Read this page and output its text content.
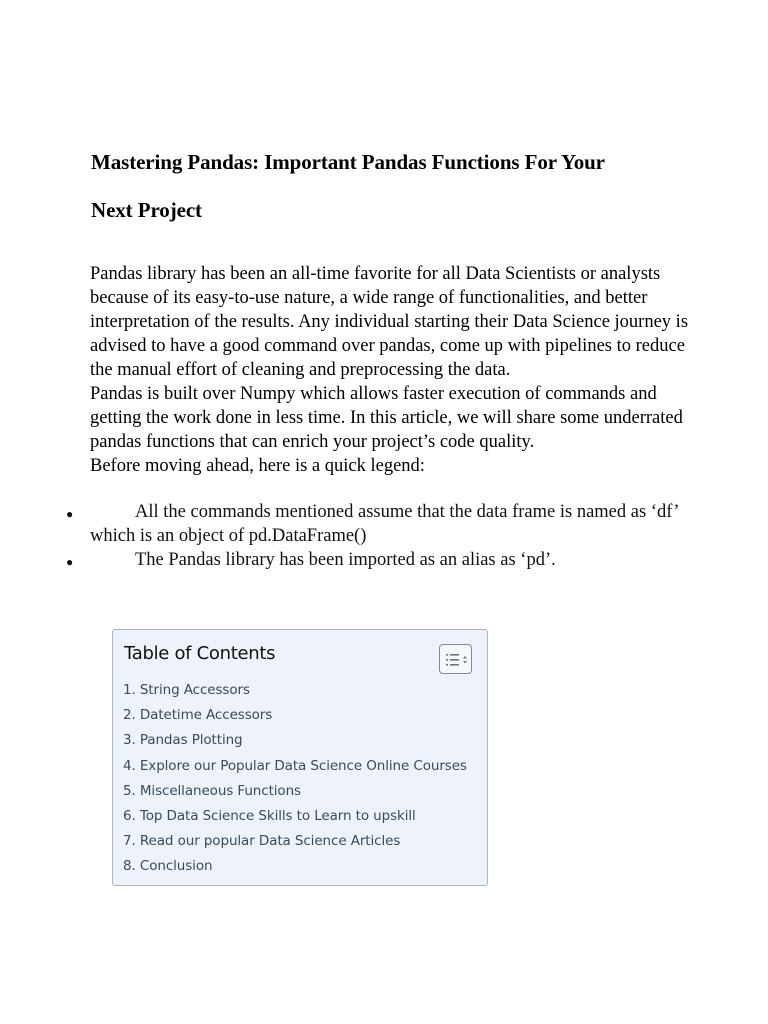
Mastering Pandas: Important Pandas Functions For Your
Next Project

Pandas library has been an all-time favorite for all Data Scientists or analysts because of its easy-to-use nature, a wide range of functionalities, and better interpretation of the results. Any individual starting their Data Science journey is advised to have a good command over pandas, come up with pipelines to reduce the manual effort of cleaning and preprocessing the data.

Pandas is built over Numpy which allows faster execution of commands and getting the work done in less time. In this article, we will share some underrated pandas functions that can enrich your project’s code quality.

Before moving ahead, here is a quick legend:

●	All the commands mentioned assume that the data frame is named as ‘df’ which is an object of pd.DataFrame()
●	The Pandas library has been imported as an alias as ‘pd’.
Table of Contents
1. String Accessors
2. Datetime Accessors
3. Pandas Plotting
4. Explore our Popular Data Science Online Courses
5. Miscellaneous Functions
6. Top Data Science Skills to Learn to upskill
7. Read our popular Data Science Articles
8. Conclusion
